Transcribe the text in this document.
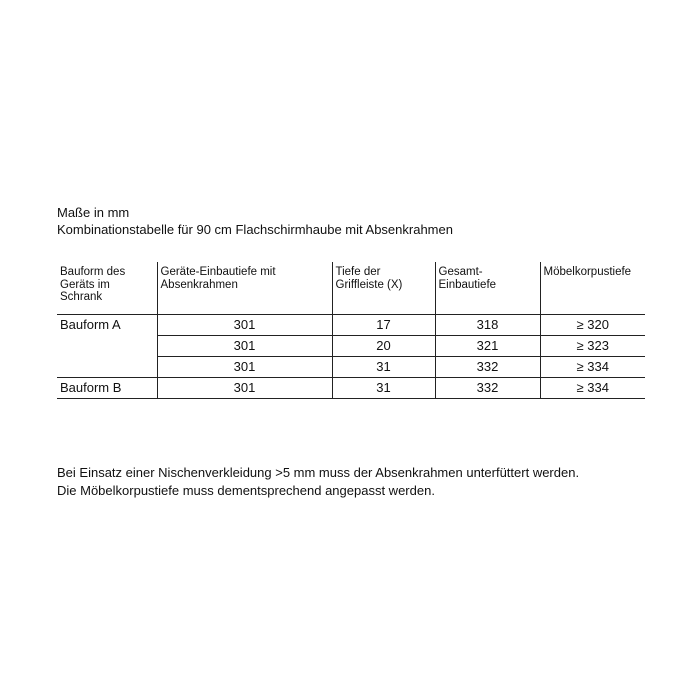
Maße in mm
Kombinationstabelle für 90 cm Flachschirmhaube mit Absenkrahmen
Bauform des Geräts im Schrank	Geräte-Einbautiefe mit Absenkrahmen	Tiefe der Griffleiste (X)	Gesamt-Einbautiefe	Möbelkorpustiefe
Bauform A	301	17	318	≥ 320
	301	20	321	≥ 323
	301	31	332	≥ 334
Bauform B	301	31	332	≥ 334
Bei Einsatz einer Nischenverkleidung >5 mm muss der Absenkrahmen unterfüttert werden.
Die Möbelkorpustiefe muss dementsprechend angepasst werden.
